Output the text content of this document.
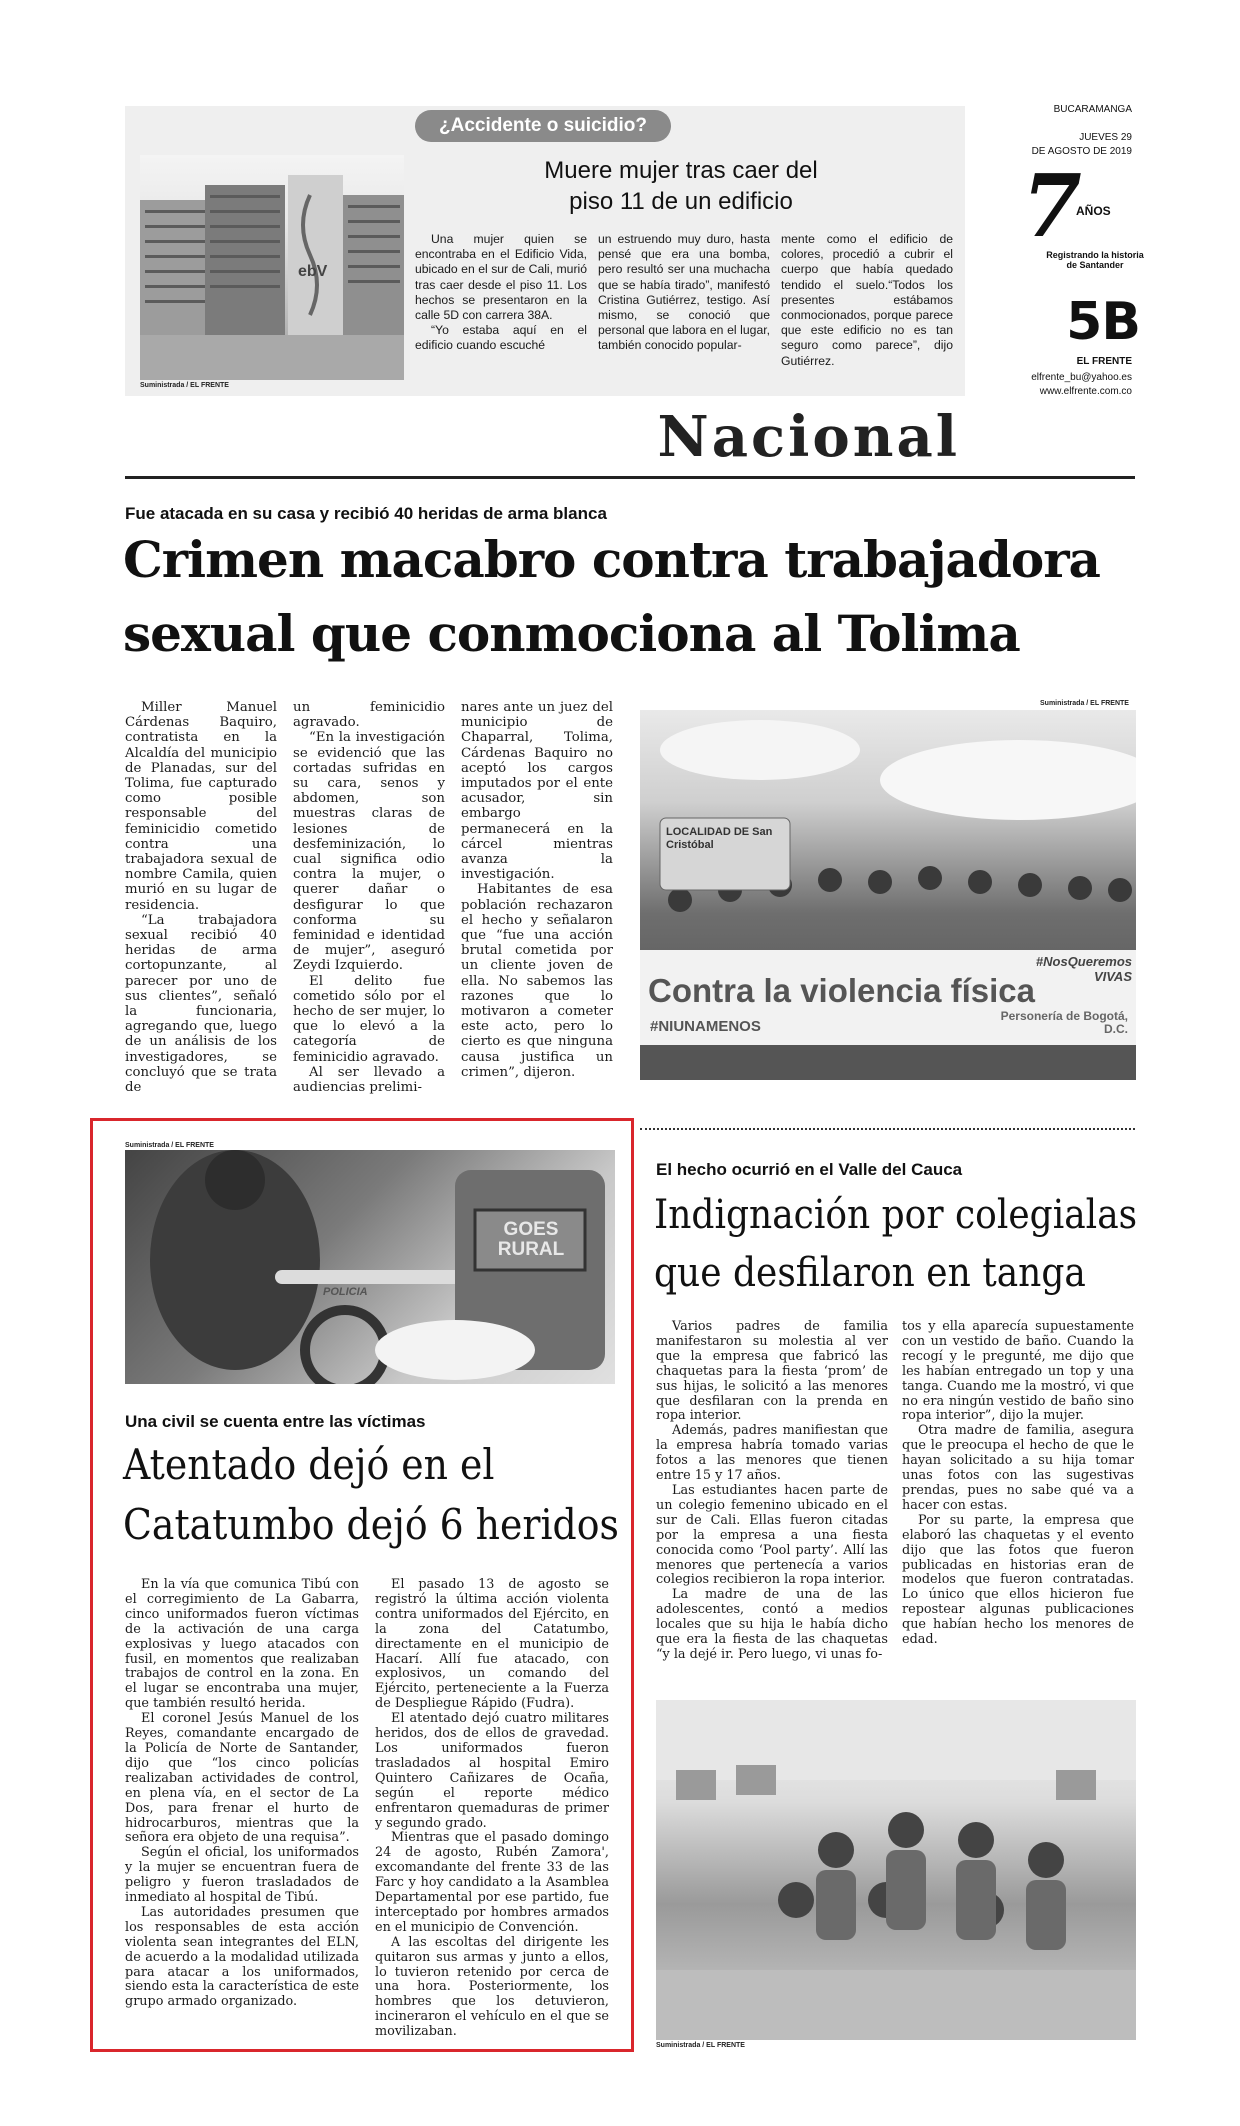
ebV
Suministrada / EL FRENTE
¿Accidente o suicidio?
Muere mujer tras caer del piso 11 de un edificio

Una mujer quien se encontraba en el Edificio Vida, ubicado en el sur de Cali, murió tras caer desde el piso 11. Los hechos se presentaron en la calle 5D con carrera 38A.

“Yo estaba aquí en el edificio cuando escuché

un estruendo muy duro, hasta pensé que era una bomba, pero resultó ser una muchacha que se había tirado”, manifestó Cristina Gutiérrez, testigo. Así mismo, se conoció que personal que labora en el lugar, también conocido popular-

mente como el edificio de colores, procedió a cubrir el cuerpo que había quedado tendido el suelo.“Todos los presentes estábamos conmocionados, porque parece que este edificio no es tan seguro como parece”, dijo Gutiérrez.

BUCARAMANGA
JUEVES 29
DE AGOSTO DE 2019
7
AÑOS
Registrando la historia de Santander
5B
EL FRENTE
elfrente_bu@yahoo.es
www.elfrente.com.co
Nacional
Fue atacada en su casa y recibió 40 heridas de arma blanca
Crimen macabro contra trabajadora
sexual que conmociona al Tolima

Miller Manuel Cárdenas Baquiro, contratista en la Alcaldía del municipio de Planadas, sur del Tolima, fue capturado como posible responsable del feminicidio cometido contra una trabajadora sexual de nombre Camila, quien murió en su lugar de residencia.

“La trabajadora sexual recibió 40 heridas de arma cortopunzante, al parecer por uno de sus clientes”, señaló la funcionaria, agregando que, luego de un análisis de los investigadores, se concluyó que se trata de

un feminicidio agravado.

“En la investigación se evidenció que las cortadas sufridas en su cara, senos y abdomen, son muestras claras de lesiones de desfeminización, lo cual significa odio contra la mujer, o querer dañar o desfigurar lo que conforma su feminidad e identidad de mujer”, aseguró Zeydi Izquierdo.

El delito fue cometido sólo por el hecho de ser mujer, lo que lo elevó a la categoría de feminicidio agravado.

Al ser llevado a audiencias prelimi-

nares ante un juez del municipio de Chaparral, Tolima, Cárdenas Baquiro no aceptó los cargos imputados por el ente acusador, sin embargo permanecerá en la cárcel mientras avanza la investigación.

Habitantes de esa población rechazaron el hecho y señalaron que “fue una acción brutal cometida por un cliente joven de ella. No sabemos las razones que lo motivaron a cometer este acto, pero lo cierto es que ninguna causa justifica un crimen”, dijeron.

Suministrada / EL FRENTE
LOCALIDAD DE San Cristóbal
#NosQueremos VIVAS
Contra la violencia física
#NIUNAMENOS
Personería de Bogotá, D.C.
Suministrada / EL FRENTE
GOES RURAL
POLICIA
Una civil se cuenta entre las víctimas
Atentado dejó en el
Catatumbo dejó 6 heridos

En la vía que comunica Tibú con el corregimiento de La Gabarra, cinco uniformados fueron víctimas de la activación de una carga explosivas y luego atacados con fusil, en momentos que realizaban trabajos de control en la zona. En el lugar se encontraba una mujer, que también resultó herida.

El coronel Jesús Manuel de los Reyes, comandante encargado de la Policía de Norte de Santander, dijo que “los cinco policías realizaban actividades de control, en plena vía, en el sector de La Dos, para frenar el hurto de hidrocarburos, mientras que la señora era objeto de una requisa”.

Según el oficial, los uniformados y la mujer se encuentran fuera de peligro y fueron trasladados de inmediato al hospital de Tibú.

Las autoridades presumen que los responsables de esta acción violenta sean integrantes del ELN, de acuerdo a la modalidad utilizada para atacar a los uniformados, siendo esta la característica de este grupo armado organizado.

El pasado 13 de agosto se registró la última acción violenta contra uniformados del Ejército, en la zona del Catatumbo, directamente en el municipio de Hacarí. Allí fue atacado, con explosivos, un comando del Ejército, perteneciente a la Fuerza de Despliegue Rápido (Fudra).

El atentado dejó cuatro militares heridos, dos de ellos de gravedad. Los uniformados fueron trasladados al hospital Emiro Quintero Cañizares de Ocaña, según el reporte médico enfrentaron quemaduras de primer y segundo grado.

Mientras que el pasado domingo 24 de agosto, Rubén Zamora', excomandante del frente 33 de las Farc y hoy candidato a la Asamblea Departamental por ese partido, fue interceptado por hombres armados en el municipio de Convención.

A las escoltas del dirigente les quitaron sus armas y junto a ellos, lo tuvieron retenido por cerca de una hora. Posteriormente, los hombres que los detuvieron, incineraron el vehículo en el que se movilizaban.

El hecho ocurrió en el Valle del Cauca
Indignación por colegialas
que desfilaron en tanga

Varios padres de familia manifestaron su molestia al ver que la empresa que fabricó las chaquetas para la fiesta ‘prom’ de sus hijas, le solicitó a las menores que desfilaran con la prenda en ropa interior.

Además, padres manifiestan que la empresa habría tomado varias fotos a las menores que tienen entre 15 y 17 años.

Las estudiantes hacen parte de un colegio femenino ubicado en el sur de Cali. Ellas fueron citadas por la empresa a una fiesta conocida como ‘Pool party’. Allí las menores que pertenecía a varios colegios recibieron la ropa interior.

La madre de una de las adolescentes, contó a medios locales que su hija le había dicho que era la fiesta de las chaquetas “y la dejé ir. Pero luego, vi unas fo-

tos y ella aparecía supuestamente con un vestido de baño. Cuando la recogí y le pregunté, me dijo que les habían entregado un top y una tanga. Cuando me la mostró, vi que no era ningún vestido de baño sino ropa interior”, dijo la mujer.

Otra madre de familia, asegura que le preocupa el hecho de que le hayan solicitado a su hija tomar unas fotos con las sugestivas prendas, pues no sabe qué va a hacer con estas.

Por su parte, la empresa que elaboró las chaquetas y el evento dijo que las fotos que fueron publicadas en historias eran de modelos que fueron contratadas. Lo único que ellos hicieron fue repostear algunas publicaciones que habían hecho los menores de edad.

Suministrada / EL FRENTE
